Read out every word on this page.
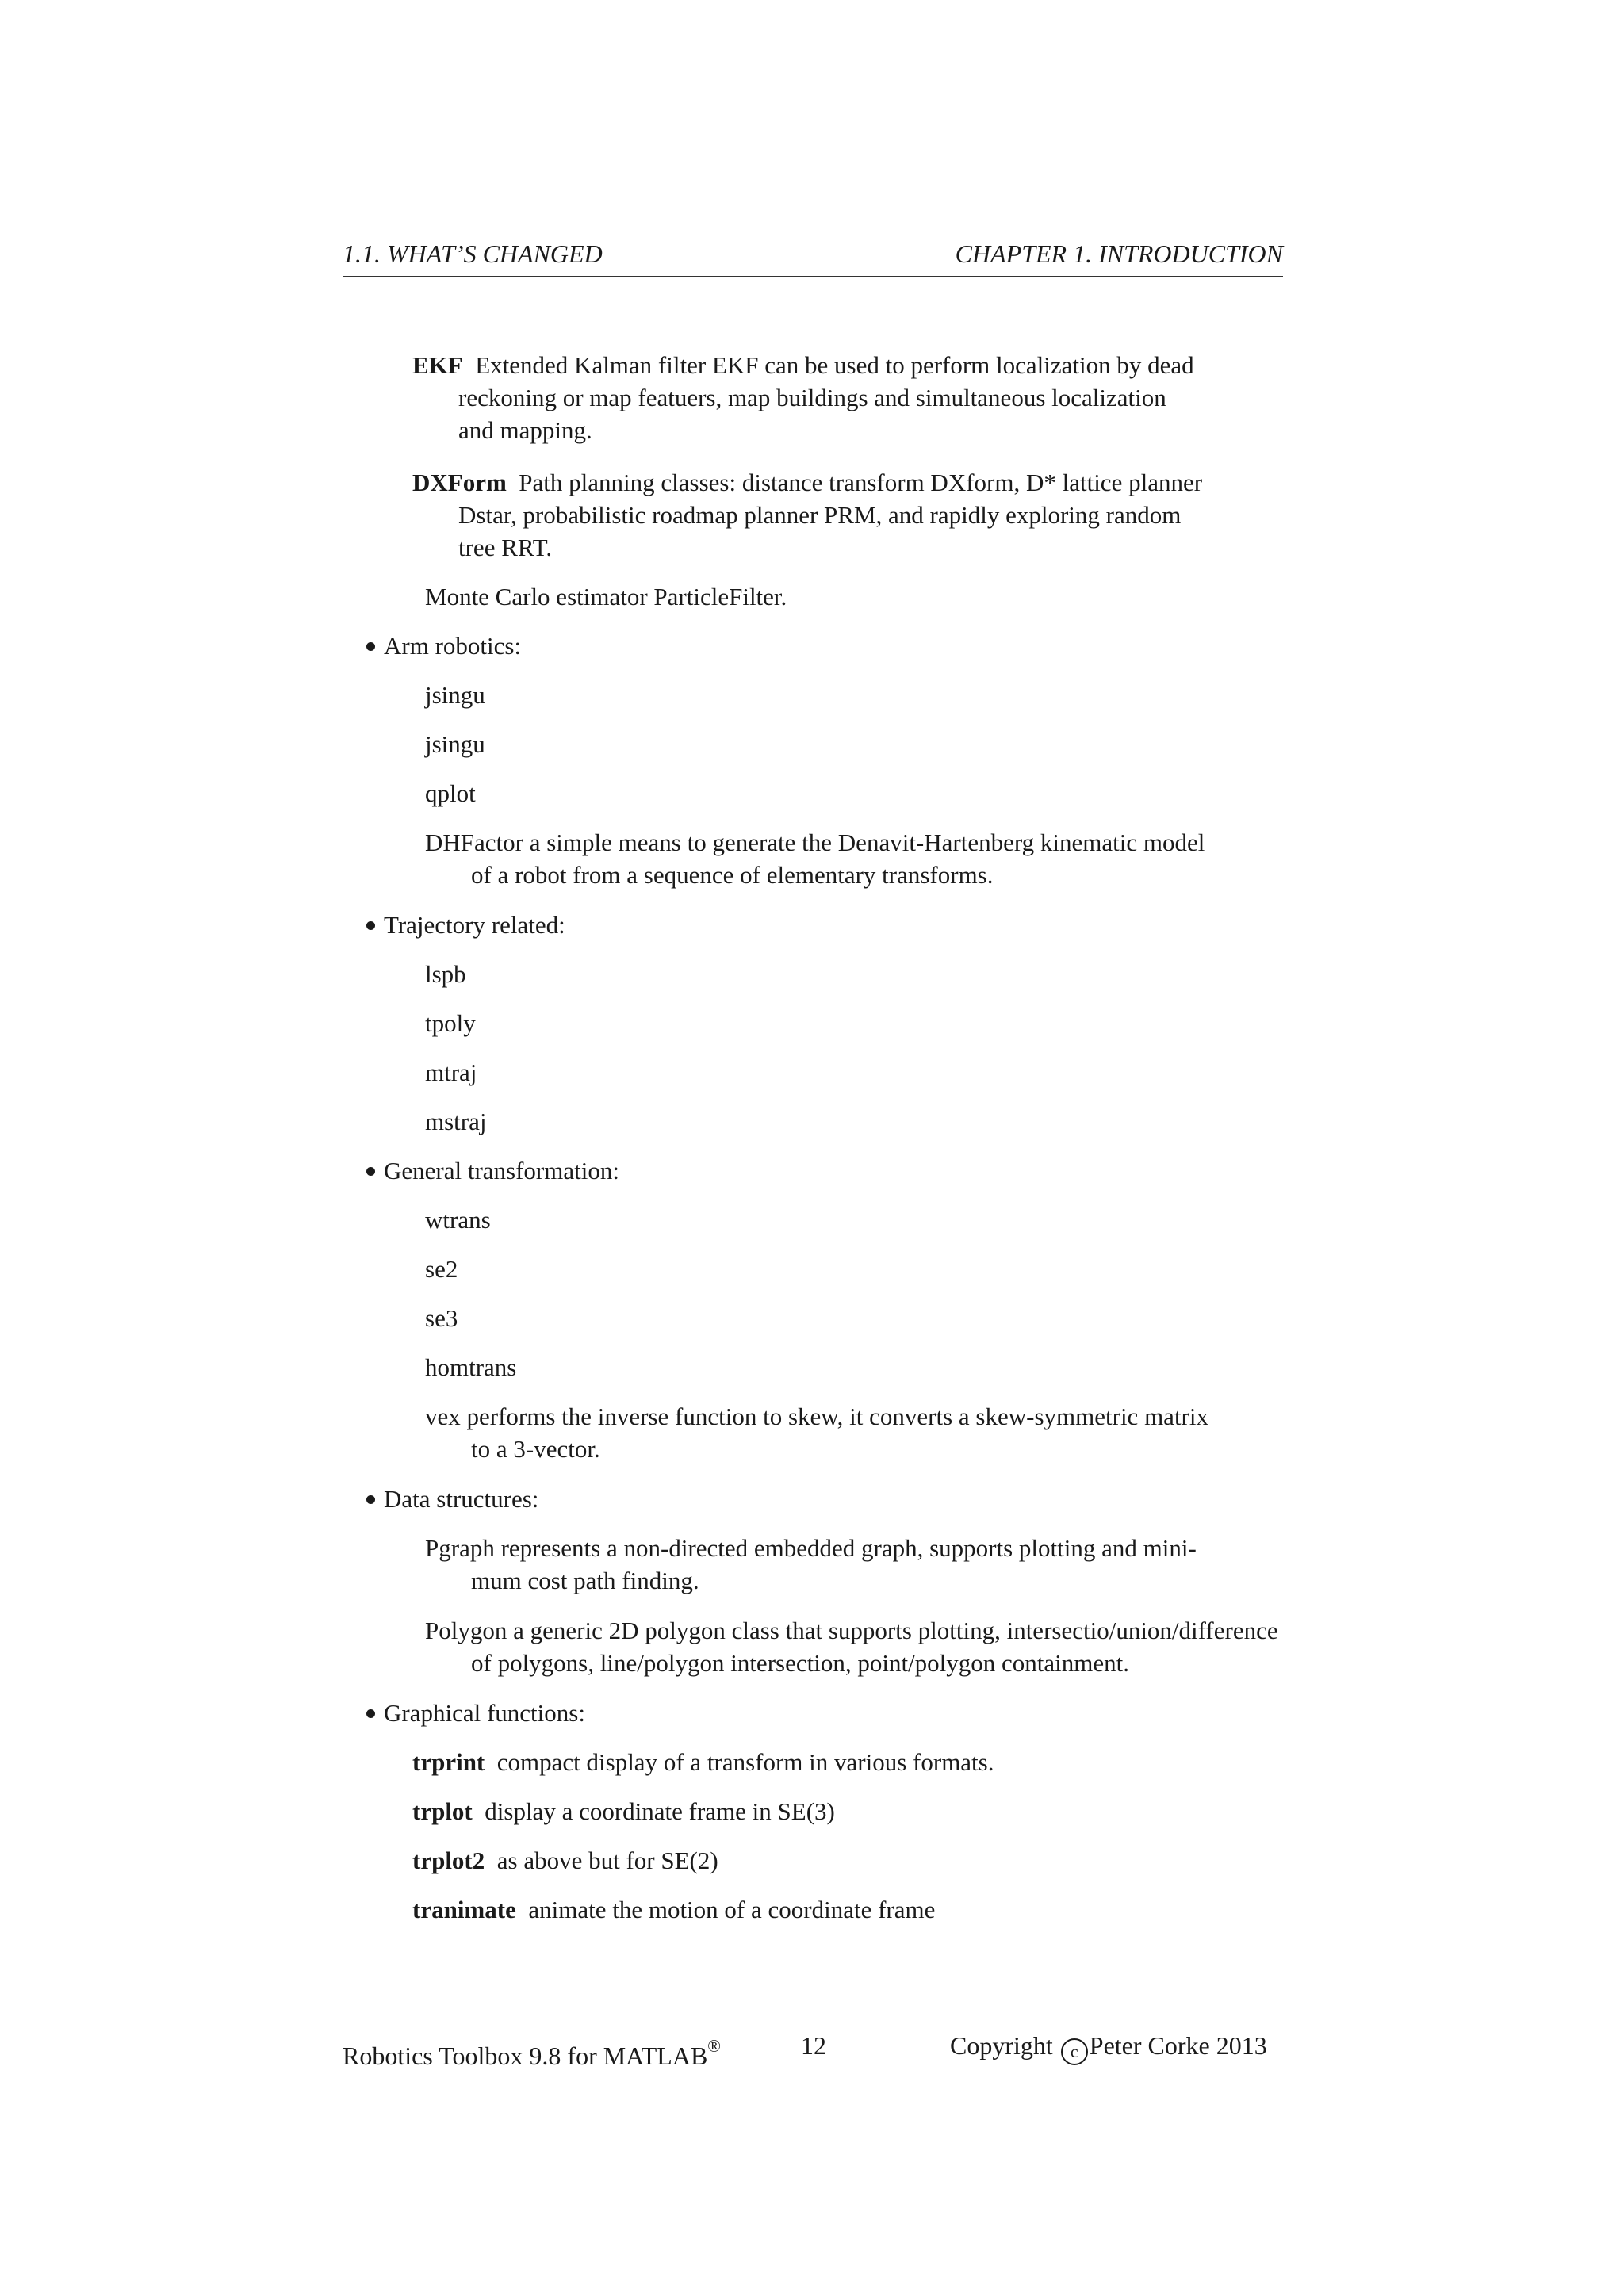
1.1. WHAT’S CHANGED	CHAPTER 1. INTRODUCTION
EKF Extended Kalman filter EKF can be used to perform localization by dead
reckoning or map featuers, map buildings and simultaneous localization
and mapping.
DXForm Path planning classes: distance transform DXform, D* lattice planner
Dstar, probabilistic roadmap planner PRM, and rapidly exploring random
tree RRT.
Monte Carlo estimator ParticleFilter.
Arm robotics:
jsingu
jsingu
qplot
DHFactor a simple means to generate the Denavit-Hartenberg kinematic model
of a robot from a sequence of elementary transforms.
Trajectory related:
lspb
tpoly
mtraj
mstraj
General transformation:
wtrans
se2
se3
homtrans
vex performs the inverse function to skew, it converts a skew-symmetric matrix
to a 3-vector.
Data structures:
Pgraph represents a non-directed embedded graph, supports plotting and mini-
mum cost path finding.
Polygon a generic 2D polygon class that supports plotting, intersectio/union/difference
of polygons, line/polygon intersection, point/polygon containment.
Graphical functions:
trprint compact display of a transform in various formats.
trplot display a coordinate frame in SE(3)
trplot2 as above but for SE(2)
tranimate animate the motion of a coordinate frame
Robotics Toolbox 9.8 for MATLAB®	12	Copyright c Peter Corke 2013
